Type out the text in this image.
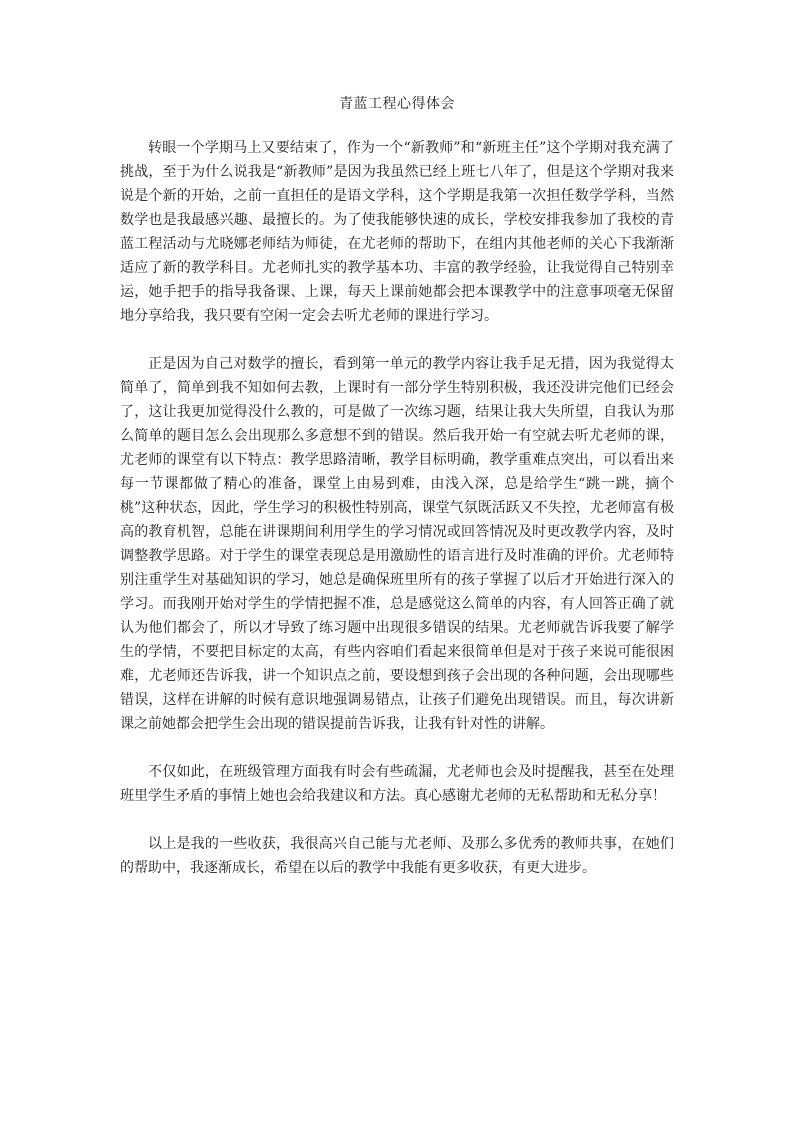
青蓝工程心得体会

转眼一个学期马上又要结束了，作为一个“新教师”和“新班主任”这个学期对我充满了挑战，至于为什么说我是“新教师”是因为我虽然已经上班七八年了，但是这个学期对我来说是个新的开始，之前一直担任的是语文学科，这个学期是我第一次担任数学学科，当然数学也是我最感兴趣、最擅长的。为了使我能够快速的成长，学校安排我参加了我校的青蓝工程活动与尤晓娜老师结为师徒，在尤老师的帮助下，在组内其他老师的关心下我渐渐适应了新的教学科目。尤老师扎实的教学基本功、丰富的教学经验，让我觉得自己特别幸运，她手把手的指导我备课、上课，每天上课前她都会把本课教学中的注意事项毫无保留地分享给我，我只要有空闲一定会去听尤老师的课进行学习。

正是因为自己对数学的擅长，看到第一单元的教学内容让我手足无措，因为我觉得太简单了，简单到我不知如何去教，上课时有一部分学生特别积极，我还没讲完他们已经会了，这让我更加觉得没什么教的，可是做了一次练习题，结果让我大失所望，自我认为那么简单的题目怎么会出现那么多意想不到的错误。然后我开始一有空就去听尤老师的课，尤老师的课堂有以下特点：教学思路清晰，教学目标明确，教学重难点突出，可以看出来每一节课都做了精心的准备，课堂上由易到难，由浅入深，总是给学生“跳一跳，摘个桃”这种状态，因此，学生学习的积极性特别高，课堂气氛既活跃又不失控，尤老师富有极高的教育机智，总能在讲课期间利用学生的学习情况或回答情况及时更改教学内容，及时调整教学思路。对于学生的课堂表现总是用激励性的语言进行及时准确的评价。尤老师特别注重学生对基础知识的学习，她总是确保班里所有的孩子掌握了以后才开始进行深入的学习。而我刚开始对学生的学情把握不准，总是感觉这么简单的内容，有人回答正确了就认为他们都会了，所以才导致了练习题中出现很多错误的结果。尤老师就告诉我要了解学生的学情，不要把目标定的太高，有些内容咱们看起来很简单但是对于孩子来说可能很困难，尤老师还告诉我，讲一个知识点之前，要设想到孩子会出现的各种问题，会出现哪些错误，这样在讲解的时候有意识地强调易错点，让孩子们避免出现错误。而且，每次讲新课之前她都会把学生会出现的错误提前告诉我，让我有针对性的讲解。

不仅如此，在班级管理方面我有时会有些疏漏，尤老师也会及时提醒我，甚至在处理班里学生矛盾的事情上她也会给我建议和方法。真心感谢尤老师的无私帮助和无私分享！

以上是我的一些收获，我很高兴自己能与尤老师、及那么多优秀的教师共事，在她们的帮助中，我逐渐成长，希望在以后的教学中我能有更多收获，有更大进步。
